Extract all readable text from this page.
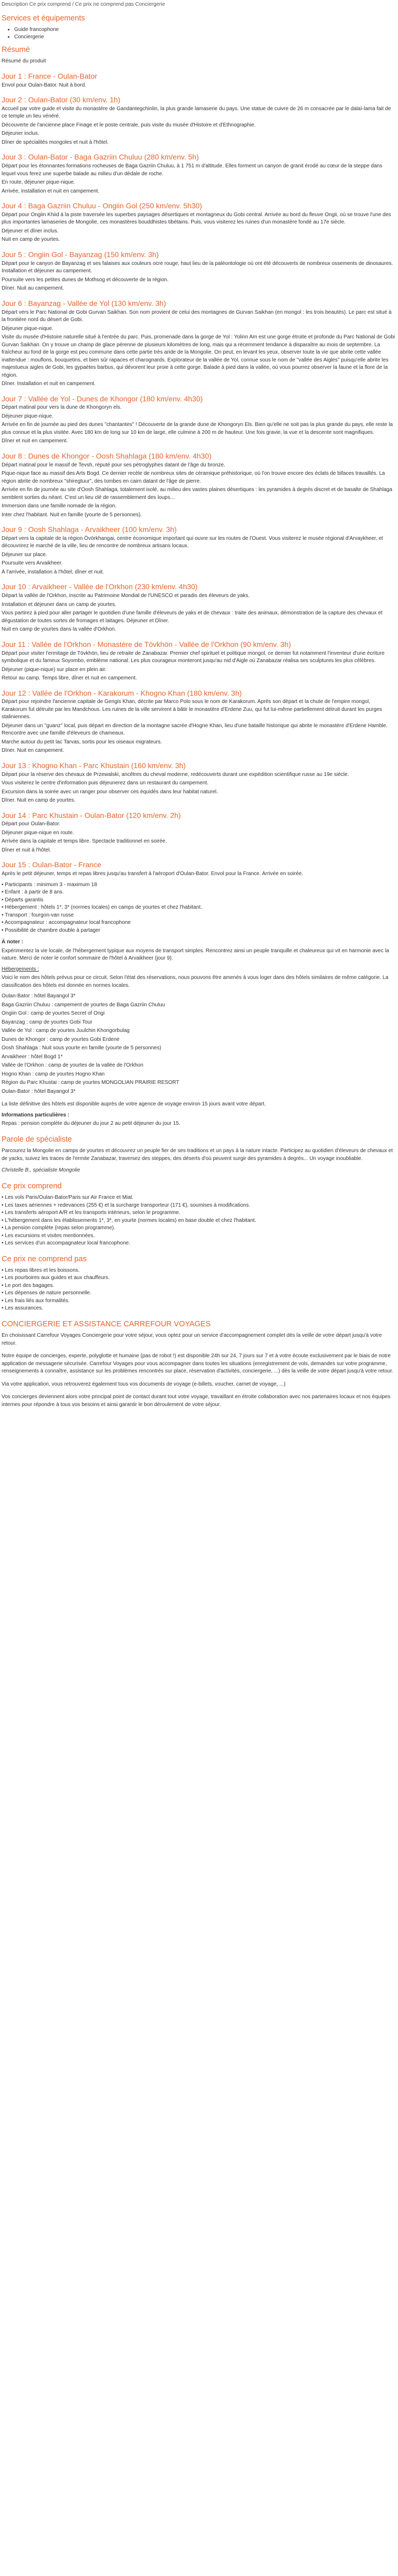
Description Ce prix comprend / Ce prix ne comprend pas Conciergerie

Services et équipements
• Guide francophone
• Conciergerie
Résumé

Résumé du produit

Jour 1 : France - Oulan-Bator

Envol pour Oulan-Bator. Nuit à bord.

Jour 2 : Oulan-Bator (30 km/env. 1h)

Accueil par votre guide et visite du monastère de Gandantegchinlin, la plus grande lamaserie du pays. Une statue de cuivre de 26 m consacrée par le dalaï-lama fait de ce temple un lieu vénéré.

Découverte de l'ancienne place Finage et le poste centrale, puis visite du musée d'Histoire et d'Ethnographie.

Déjeuner inclus.

Dîner de spécialités mongoles et nuit à l'hôtel.

Jour 3 : Oulan-Bator - Baga Gazriin Chuluu (280 km/env. 5h)

Départ pour les étonnantes formations rocheuses de Baga Gazriin Chuluu, à 1 751 m d'altitude. Elles forment un canyon de granit érodé au cœur de la steppe dans lequel vous ferez une superbe balade au milieu d'un dédale de roche.

En route, déjeuner pique-nique.

Arrivée, installation et nuit en campement.

Jour 4 : Baga Gazriin Chuluu - Ongiin Gol (250 km/env. 5h30)

Départ pour Ongiin Khiid à la piste traversée les superbes paysages désertiques et montagneux du Gobi central. Arrivée au bord du fleuve Ongii, où se trouve l'une des plus importantes lamaseries de Mongolie, ces monastères bouddhistes tibétains. Puis, vous visiterez les ruines d'un monastère fondé au 17e siècle.

Déjeuner et dîner inclus.

Nuit en camp de yourtes.

Jour 5 : Ongiin Gol - Bayanzag (150 km/env. 3h)

Départ pour le canyon de Bayanzag et ses falaises aux couleurs ocre rouge, haut lieu de la paléontologie où ont été découverts de nombreux ossements de dinosaures. Installation et déjeuner au campement.

Poursuite vers les petites dunes de Mothsog et découverte de la région.

Dîner. Nuit au campement.

Jour 6 : Bayanzag - Vallée de Yol (130 km/env. 3h)

Départ vers le Parc National de Gobi Gurvan Saikhan. Son nom provient de celui des montagnes de Gurvan Saikhan (en mongol : les trois beautés). Le parc est situé à la frontière nord du désert de Gobi.

Déjeuner pique-nique.

Visite du musée d'Histoire naturelle situé à l'entrée du parc. Puis, promenade dans la gorge de Yol : Yolinn Am est une gorge étroite et profonde du Parc National de Gobi Gurvan Saikhan. On y trouve un champ de glace pérenne de plusieurs kilomètres de long, mais qui a récemment tendance à disparaître au mois de septembre. La fraîcheur au fond de la gorge est peu commune dans cette partie très aride de la Mongolie. On peut, en levant les yeux, observer toute la vie que abrite cette vallée inattendue : mouflons, bouquetins, et bien sûr rapaces et charognards. Explorateur de la vallée de Yol, connue sous le nom de "vallée des Aigles" puisqu'elle abrite les majestueux aigles de Gobi, les gypaètes barbus, qui dévorent leur proie à cette gorge. Balade à pied dans la vallée, où vous pourrez observer la faune et la flore de la région.

Dîner. Installation et nuit en campement.

Jour 7 : Vallée de Yol - Dunes de Khongor (180 km/env. 4h30)

Départ matinal pour vers la dune de Khongoryn els.

Déjeuner pique-nique.

Arrivée en fin de journée au pied des dunes "chantantes" ! Découverte de la grande dune de Khongoryn Els. Bien qu'elle ne soit pas la plus grande du pays, elle reste la plus connue et la plus visitée. Avec 180 km de long sur 10 km de large, elle culmine à 200 m de hauteur. Une fois gravie, la vue et la descente sont magnifiques.

Dîner et nuit en campement.

Jour 8 : Dunes de Khongor - Oosh Shahlaga (180 km/env. 4h30)

Départ matinal pour le massif de Tevsh, réputé pour ses pétroglyphes datant de l'âge du bronze.

Pique-nique face au massif des Arts Bogd. Ce dernier recèle de nombreux sites de céramique préhistorique, où l'on trouve encore des éclats de bifaces travaillés. La région abrite de nombreux "shiregtuur", des tombes en cairn datant de l'âge de pierre.

Arrivée en fin de journée au site d'Oosh Shahlaga, totalement isolé, au milieu des vastes plaines désertiques : les pyramides à degrés discret et de basalte de Shahlaga semblent sorties du néant. C'est un lieu clé de rassemblement des loups...

Immersion dans une famille nomade de la région.

Inter chez l'habitant. Nuit en famille (yourte de 5 personnes).

Jour 9 : Oosh Shahlaga - Arvaikheer (100 km/env. 3h)

Départ vers la capitale de la région Övörkhangai, centre économique important qui ouvre sur les routes de l'Ouest. Vous visiterez le musée régional d'Arvaykheer, et découvrirez le marché de la ville, lieu de rencontre de nombreux artisans locaux.

Déjeuner sur place.

Poursuite vers Arvaikheer.

À l'arrivée, installation à l'hôtel, dîner et nuit.

Jour 10 : Arvaikheer - Vallée de l'Orkhon (230 km/env. 4h30)

Départ la vallée de l'Orkhon, inscrite au Patrimoine Mondial de l'UNESCO et paradis des éleveurs de yaks.

Installation et déjeuner dans un camp de yourtes.

Vous partirez à pied pour aller partager le quotidien d'une famille d'éleveurs de yaks et de chevaux : traite des animaux, démonstration de la capture des chevaux et dégustation de toutes sortes de fromages et laitages. Déjeuner et Dîner.

Nuit en camp de yourtes dans la vallée d'Orkhon.

Jour 11 : Vallée de l'Orkhon - Monastère de Tövkhön - Vallée de l'Orkhon (90 km/env. 3h)

Départ pour visiter l'ermitage de Tövkhön, lieu de retraite de Zanabazar. Premier chef spirituel et politique mongol, ce dernier fut notamment l'inventeur d'une écriture symbolique et du fameux Soyombo, emblème national. Les plus courageux monteront jusqu'au nid d'Aigle où Zanabazar réalisa ses sculptures les plus célèbres.

Déjeuner (pique-nique) sur place en plein air.

Retour au camp. Temps libre, dîner et nuit en campement.

Jour 12 : Vallée de l'Orkhon - Karakorum - Khogno Khan (180 km/env. 3h)

Départ pour rejoindre l'ancienne capitale de Gengis Khan, décrite par Marco Polo sous le nom de Karakorum. Après son départ et la chute de l'empire mongol, Karakorum fut détruite par les Mandchous. Les ruines de la ville servirent à bâtir le monastère d'Erdene Zuu, qui fut lui-même partiellement détruit durant les purges staliniennes.

Déjeuner dans un "guanz" local, puis départ en direction de la montagne sacrée d'Hogne Khan, lieu d'une bataille historique qui abrite le monastère d'Erdene Hamble. Rencontre avec une famille d'éleveurs de chameaux.

Marche autour du petit lac Tarvas, sortis pour les oiseaux migrateurs.

Dîner. Nuit en campement.

Jour 13 : Khogno Khan - Parc Khustain (160 km/env. 3h)

Départ pour la réserve des chevaux de Przewalski, ancêtres du cheval moderne, redécouverts durant une expédition scientifique russe au 19e siècle.

Vous visiterez le centre d'information puis déjeunerez dans un restaurant du campement.

Excursion dans la soirée avec un ranger pour observer ces équidés dans leur habitat naturel.

Dîner. Nuit en camp de yourtes.

Jour 14 : Parc Khustain - Oulan-Bator (120 km/env. 2h)

Départ pour Oulan-Bator.

Déjeuner pique-nique en route.

Arrivée dans la capitale et temps libre. Spectacle traditionnel en soirée.

Dîner et nuit à l'hôtel.

Jour 15 : Oulan-Bator - France

Après le petit déjeuner, temps et repas libres jusqu'au transfert à l'aéroport d'Oulan-Bator. Envol pour la France. Arrivée en soirée.

• Participants : minimum 3 - maximum 18
• Enfant : à partir de 8 ans.
• Départs garantis
• Hébergement : hôtels 1*, 3* (normes locales) en camps de yourtes et chez l'habitant.
• Transport : fourgon-van russe
• Accompagnateur : accompagnateur local francophone
• Possibilité de chambre double à partager

À noter :

Expérimentez la vie locale, de l'hébergement typique aux moyens de transport simples. Rencontrez ainsi un peuple tranquille et chaleureux qui vit en harmonie avec la nature. Merci de noter le confort sommaire de l'hôtel à Arvaikheer (jour 9).

Hébergements :

Voici le nom des hôtels prévus pour ce circuit. Selon l'état des réservations, nous pouvons être amenés à vous loger dans des hôtels similaires de même catégorie. La classification des hôtels est donnée en normes locales.

Oulan-Bator : hôtel Bayangol 3*

Baga Gazriin Chuluu : campement de yourtes de Baga Gazriin Chuluu

Ongiin Gol : camp de yourtes Secret of Ongi

Bayanzag : camp de yourtes Gobi Tour

Vallée de Yol : camp de yourtes Juulchin Khongorbulag

Dunes de Khongor : camp de yourtes Gobi Erdene

Oosh Shahlaga : Nuit sous yourte en famille (yourte de 5 personnes)

Arvaikheer : hôtel Bogd 1*

Vallée de l'Orkhon : camp de yourtes de la vallée de l'Orkhon

Hogno Khan : camp de yourtes Hogno Khan

Région du Parc Khustai : camp de yourtes MONGOLIAN PRAIRIE RESORT

Oulan-Bator : hôtel Bayangol 3*

La liste définitive des hôtels est disponible auprès de votre agence de voyage environ 15 jours avant votre départ.

Informations particulières :

Repas : pension complète du déjeuner du jour 2 au petit déjeuner du jour 15.

Parole de spécialiste

Parcourez la Mongolie en camps de yourtes et découvrez un peuple fier de ses traditions et un pays à la nature intacte. Participez au quotidien d'éleveurs de chevaux et de yacks, suivez les traces de l'ermite Zanabazar, traversez des steppes, des déserts d'où peuvent surgir des pyramides à degrés... Un voyage inoubliable.

Christelle B., spécialiste Mongolie

Ce prix comprend
• Les vols Paris/Oulan-Bator/Paris sur Air France et Miat.
• Les taxes aériennes + redevances (255 €) et la surcharge transporteur (171 €), soumises à modifications.
• Les transferts aéroport A/R et les transports intérieurs, selon le programme.
• L'hébergement dans les établissements 1*, 3*, en yourte (normes locales) en base double et chez l'habitant.
• La pension complète (repas selon programme).
• Les excursions et visites mentionnées.
• Les services d'un accompagnateur local francophone.
Ce prix ne comprend pas
• Les repas libres et les boissons.
• Les pourboires aux guides et aux chauffeurs.
• Le port des bagages.
• Les dépenses de nature personnelle.
• Les frais liés aux formalités.
• Les assurances.
CONCIERGERIE ET ASSISTANCE CARREFOUR VOYAGES

En choisissant Carrefour Voyages Conciergerie pour votre séjour, vous optez pour un service d'accompagnement complet dès la veille de votre départ jusqu'à votre retour.

Notre équipe de concierges, experte, polyglotte et humaine (pas de robot !) est disponible 24h sur 24, 7 jours sur 7 et à votre écoute exclusivement par le biais de notre application de messagerie sécurisée. Carrefour Voyages pour vous accompagner dans toutes les situations (enregistrement de vols, demandes sur votre programme, renseignements à connaître, assistance sur les problèmes rencontrés sur place, réservation d'activités, conciergerie, ...) dès la veille de votre départ jusqu'à votre retour.

Via votre application, vous retrouverez également tous vos documents de voyage (e-billets, voucher, carnet de voyage, ...)

Vos concierges deviennent alors votre principal point de contact durant tout votre voyage, travaillant en étroite collaboration avec nos partenaires locaux et nos équipes internes pour répondre à tous vos besoins et ainsi garantir le bon déroulement de votre séjour.
